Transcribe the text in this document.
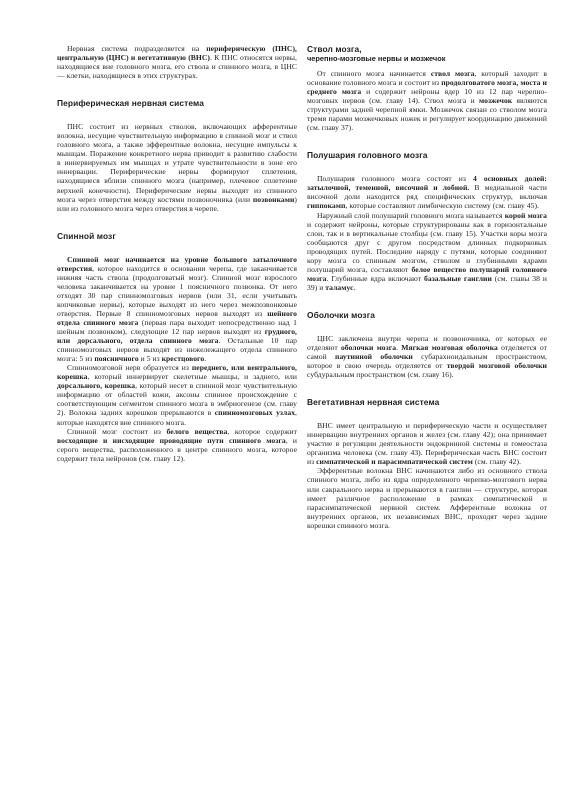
Нервная система подразделяется на периферическую (ПНС), центральную (ЦНС) и вегетативную (ВНС). К ПНС относятся нервы, находящиеся вне головного мозга, его ствола и спинного мозга, в ЦНС — клетки, находящиеся в этих структурах.

Периферическая нервная система

ПНС состоит из нервных стволов, включающих афферентные волокна, несущие чувствительную информацию в спинной мозг и ствол головного мозга, а также эфферентные волокна, несущие импульсы к мышцам. Поражение конкретного нерва приводит к развитию слабости в иннервируемых им мышцах и утрате чувствительности в зоне его иннервации. Периферические нервы формируют сплетения, находящиеся вблизи спинного мозга (например, плечевое сплетение верхней конечности). Периферические нервы выходят из спинного мозга через отверстия между костями позвоночника (или позвонками) или из головного мозга через отверстия в черепе.

Спинной мозг

Спинной мозг начинается на уровне большого затылочного отверстия, которое находится в основании черепа, где заканчивается нижняя часть ствола (продолговатый мозг). Спинной мозг взрослого человека заканчивается на уровне 1 поясничного позвонка. От него отходят 30 пар спинномозговых нервов (или 31, если учитывать копчиковые нервы), которые выходят из него через межпозвонковые отверстия. Первые 8 спинномозговых нервов выходят из шейного отдела спинного мозга (первая пара выходит непосредственно над 1 шейным позвонком), следующие 12 пар нервов выходят из грудного, или дорсального, отдела спинного мозга. Остальные 10 пар спинномозговых нервов выходят из нижележащего отдела спинного мозга: 5 из поясничного и 5 из крестцового.

Спинномозговой нерв образуется из переднего, или вентрального, корешка, который иннервирует скелетные мышцы, и заднего, или дорсального, корешка, который несет в спинной мозг чувствительную информацию от областей кожи, аксоны спинное происхождение с соответствующим сегментом спинного мозга в эмбриогенезе (см. главу 2). Волокна задних корешков прерываются в спинномозговых узлах, которые находятся вне спинного мозга.

Спинной мозг состоит из белого вещества, которое содержит восходящие и нисходящие проводящие пути спинного мозга, и серого вещества, расположенного в центре спинного мозга, которое содержит тела нейронов (см. главу 12).

Ствол мозга,

черепно-мозговые нервы и мозжечок

От спинного мозга начинается ствол мозга, который заходит в основание головного мозга и состоит из продолговатого мозга, моста и среднего мозга и содержит нейроны ядер 10 из 12 пар черепно-мозговых нервов (см. главу 14). Ствол мозга и мозжечок являются структурами задней черепной ямки. Мозжечок связан со стволом мозга тремя парами мозжечковых ножек и регулирует координацию движений (см. главу 37).

Полушария головного мозга

Полушария головного мозга состоят из 4 основных долей: затылочной, теменной, височной и лобной. В медиальной части височной доли находится ряд специфических структур, включая гиппокамп, которые составляют лимбическую систему (см. главу 45).

Наружный слой полушарий головного мозга называется корой мозга и содержит нейроны, которые структурированы как в горизонтальные слои, так и в вертикальные столбцы (см. главу 15). Участки коры мозга сообщаются друг с другом посредством длинных подкорковых проводящих путей. Последние наряду с путями, которые соединяют кору мозга со спинным мозгом, стволом и глубинными ядрами полушарий мозга, составляют белое вещество полушарий головного мозга. Глубинные ядра включают базальные ганглии (см. главы 38 и 39) и таламус.

Оболочки мозга

ЦНС заключена внутри черепа и позвоночника, от которых ее отделяют оболочки мозга. Мягкая мозговая оболочка отделяется от самой паутинной оболочки субарахноидальным пространством, которое в свою очередь отделяется от твердой мозговой оболочки субдуральным пространством (см. главу 16).

Вегетативная нервная система

ВНС имеет центральную и периферическую части и осуществляет иннервацию внутренних органов и желез (см. главу 42); она принимает участие в регуляции деятельности эндокринной системы и гомеостаза организма человека (см. главу 43). Периферическая часть ВНС состоит из симпатической и парасимпатической систем (см. главу 42).

Эфферентные волокна ВНС начинаются либо из основного ствола спинного мозга, либо из ядра определенного черепно-мозгового нерва или сакрального нерва и прерываются в ганглии — структуре, которая имеет различное расположение в рамках симпатической и парасимпатической нервной систем. Афферентные волокна от внутренних органов, их независимых ВНС, проходят через задние корешки спинного мозга.
